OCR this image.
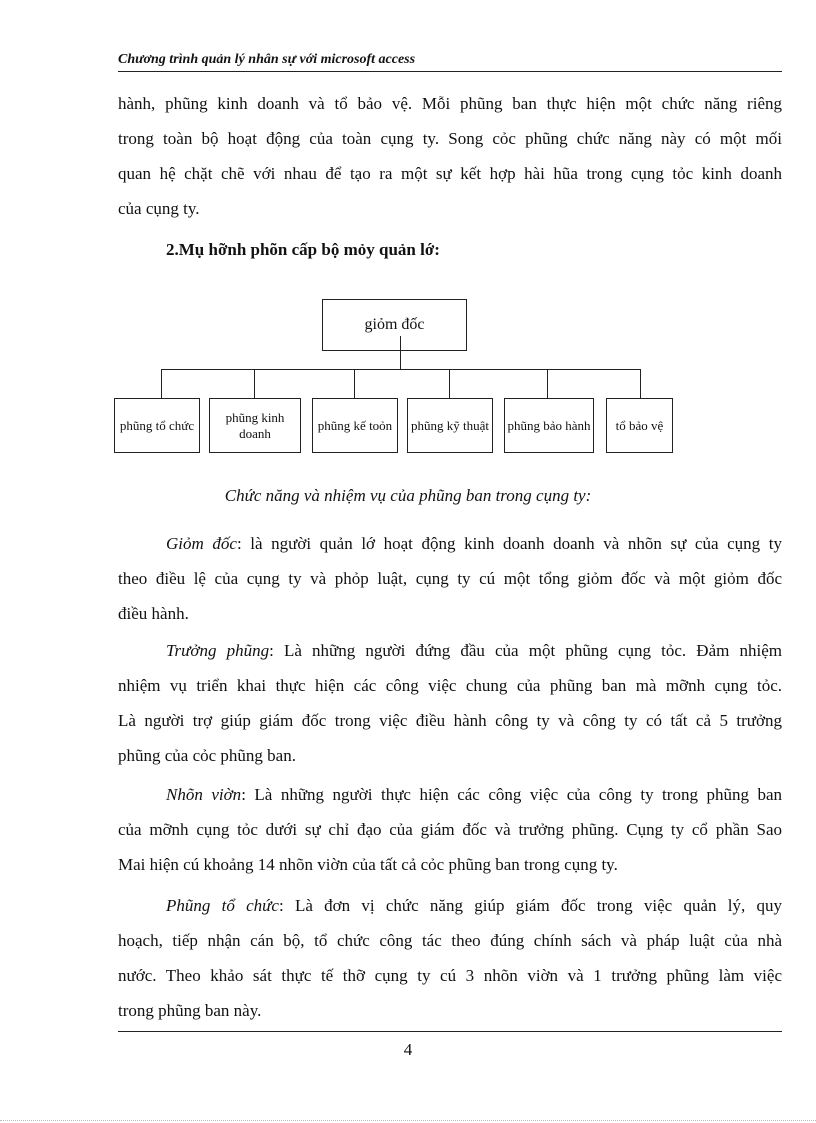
Chương trình quản lý nhân sự với microsoft access

hành, phũng kinh doanh và tổ bảo vệ. Mỗi phũng ban thực hiện một chức năng riêng
trong toàn bộ hoạt động của toàn cụng ty. Song cỏc phũng chức năng này có một mối
quan hệ chặt chẽ với nhau để tạo ra một sự kết hợp hài hũa trong cụng tỏc kinh doanh
của cụng ty.

2.Mụ hỡnh phõn cấp bộ mỏy quản lớ:
giỏm đốc
phũng tổ chức
phũng kinh doanh
phũng kế toỏn	phũng kỹ thuật	phũng bảo hành	tổ bảo vệ
Chức năng và nhiệm vụ của phũng ban trong cụng ty:

Giỏm đốc: là người quản lớ hoạt động kinh doanh doanh và nhõn sự của cụng ty
theo điều lệ của cụng ty và phỏp luật, cụng ty cú một tổng giỏm đốc và một giỏm đốc
điều hành.

Trưởng phũng: Là những người đứng đầu của một phũng cụng tỏc. Đảm nhiệm
nhiệm vụ triển khai thực hiện các công việc chung của phũng ban mà mỡnh cụng tỏc.
Là người trợ giúp giám đốc trong việc điều hành công ty và công ty có tất cả 5 trưởng
phũng của cỏc phũng ban.

Nhõn viờn: Là những người thực hiện các công việc của công ty trong phũng ban
của mỡnh cụng tỏc dưới sự chỉ đạo của giám đốc và trưởng phũng. Cụng ty cổ phần Sao
Mai hiện cú khoảng 14 nhõn viờn của tất cả cỏc phũng ban trong cụng ty.

Phũng tổ chức: Là đơn vị chức năng giúp giám đốc trong việc quản lý, quy
hoạch, tiếp nhận cán bộ, tổ chức công tác theo đúng chính sách và pháp luật của nhà
nước. Theo khảo sát thực tế thỡ cụng ty cú 3 nhõn viờn và 1 trưởng phũng làm việc
trong phũng ban này.

4
